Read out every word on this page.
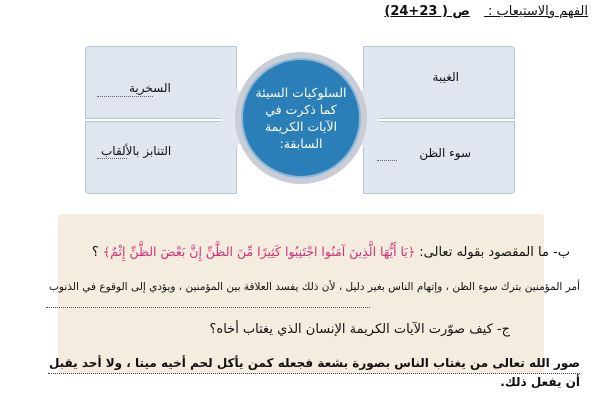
الفهم والاستيعاب : ص ( 23+24)
السخرية
التنابز بالألقاب
الغيبة
سوء الظن
السلوكيات السيئة كما ذكرت في الآيات الكريمة السابقة:
ب- ما المقصود بقوله تعالى: ﴿يَا أَيُّهَا الَّذِينَ آمَنُوا اجْتَنِبُوا كَثِيرًا مِّنَ الظَّنِّ إِنَّ بَعْضَ الظَّنِّ إِثْمٌ﴾ ؟
أمر المؤمنين بترك سوء الظن ، وإتهام الناس بغير دليل ، لأن ذلك يفسد العلاقة بين المؤمنين ، ويؤدي إلى الوقوع في الذنوب
ج- كيف صوّرت الآيات الكريمة الإنسان الذي يغتاب أخاه؟
صور الله تعالى من يغتاب الناس بصورة بشعة فجعله كمن يأكل لحم أخيه ميتا ، ولا أحد يقبل أن يفعل ذلك.
